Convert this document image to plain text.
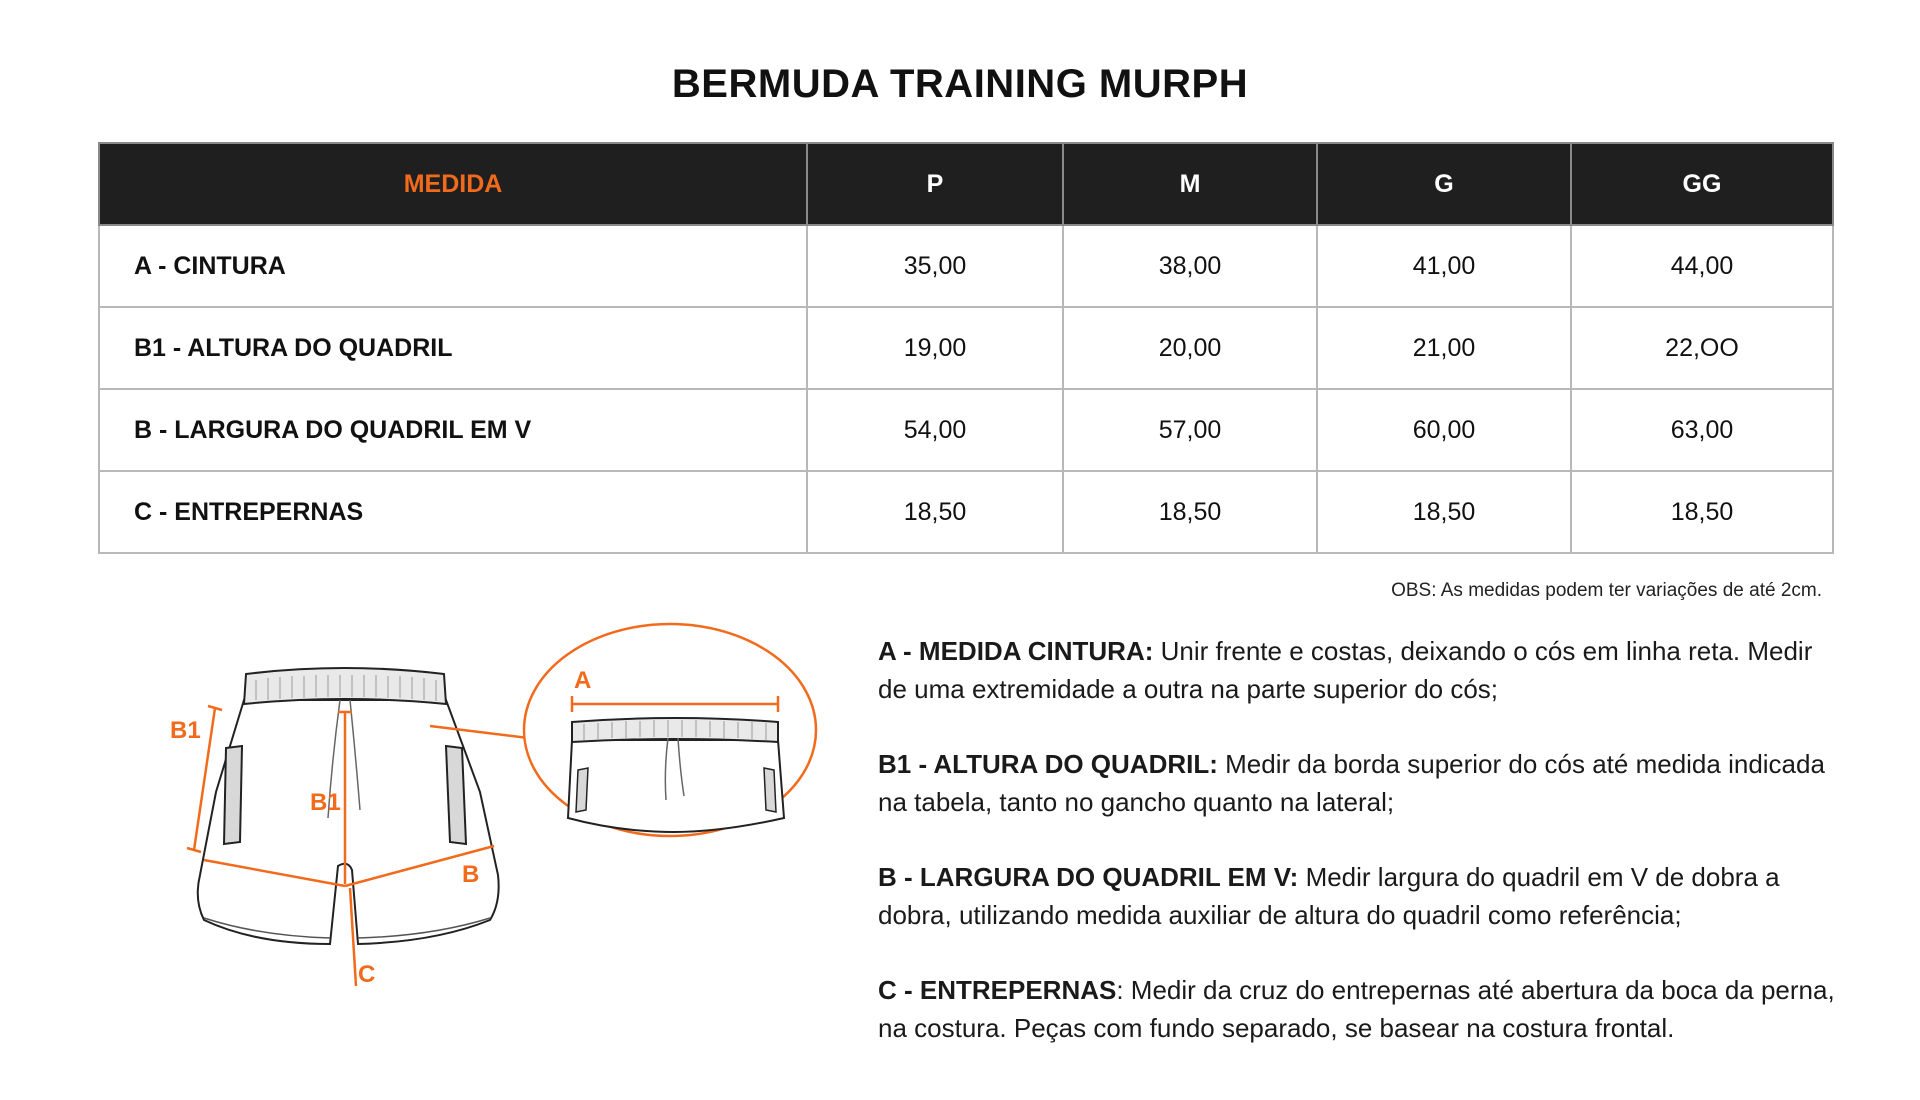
BERMUDA TRAINING MURPH
MEDIDA	P	M	G	GG
A - CINTURA	35,00	38,00	41,00	44,00
B1 - ALTURA DO QUADRIL	19,00	20,00	21,00	22,OO
B - LARGURA DO QUADRIL EM V	54,00	57,00	60,00	63,00
C - ENTREPERNAS	18,50	18,50	18,50	18,50
OBS: As medidas podem ter variações de até 2cm.
B1
B1
B
C
A

A - MEDIDA CINTURA: Unir frente e costas, deixando o cós em linha reta. Medir de uma extremidade a outra na parte superior do cós;

B1 - ALTURA DO QUADRIL: Medir da borda superior do cós até medida indicada na tabela, tanto no gancho quanto na lateral;

B - LARGURA DO QUADRIL EM V: Medir largura do quadril em V de dobra a dobra, utilizando medida auxiliar de altura do quadril como referência;

C - ENTREPERNAS: Medir da cruz do entrepernas até abertura da boca da perna, na costura. Peças com fundo separado, se basear na costura frontal.
